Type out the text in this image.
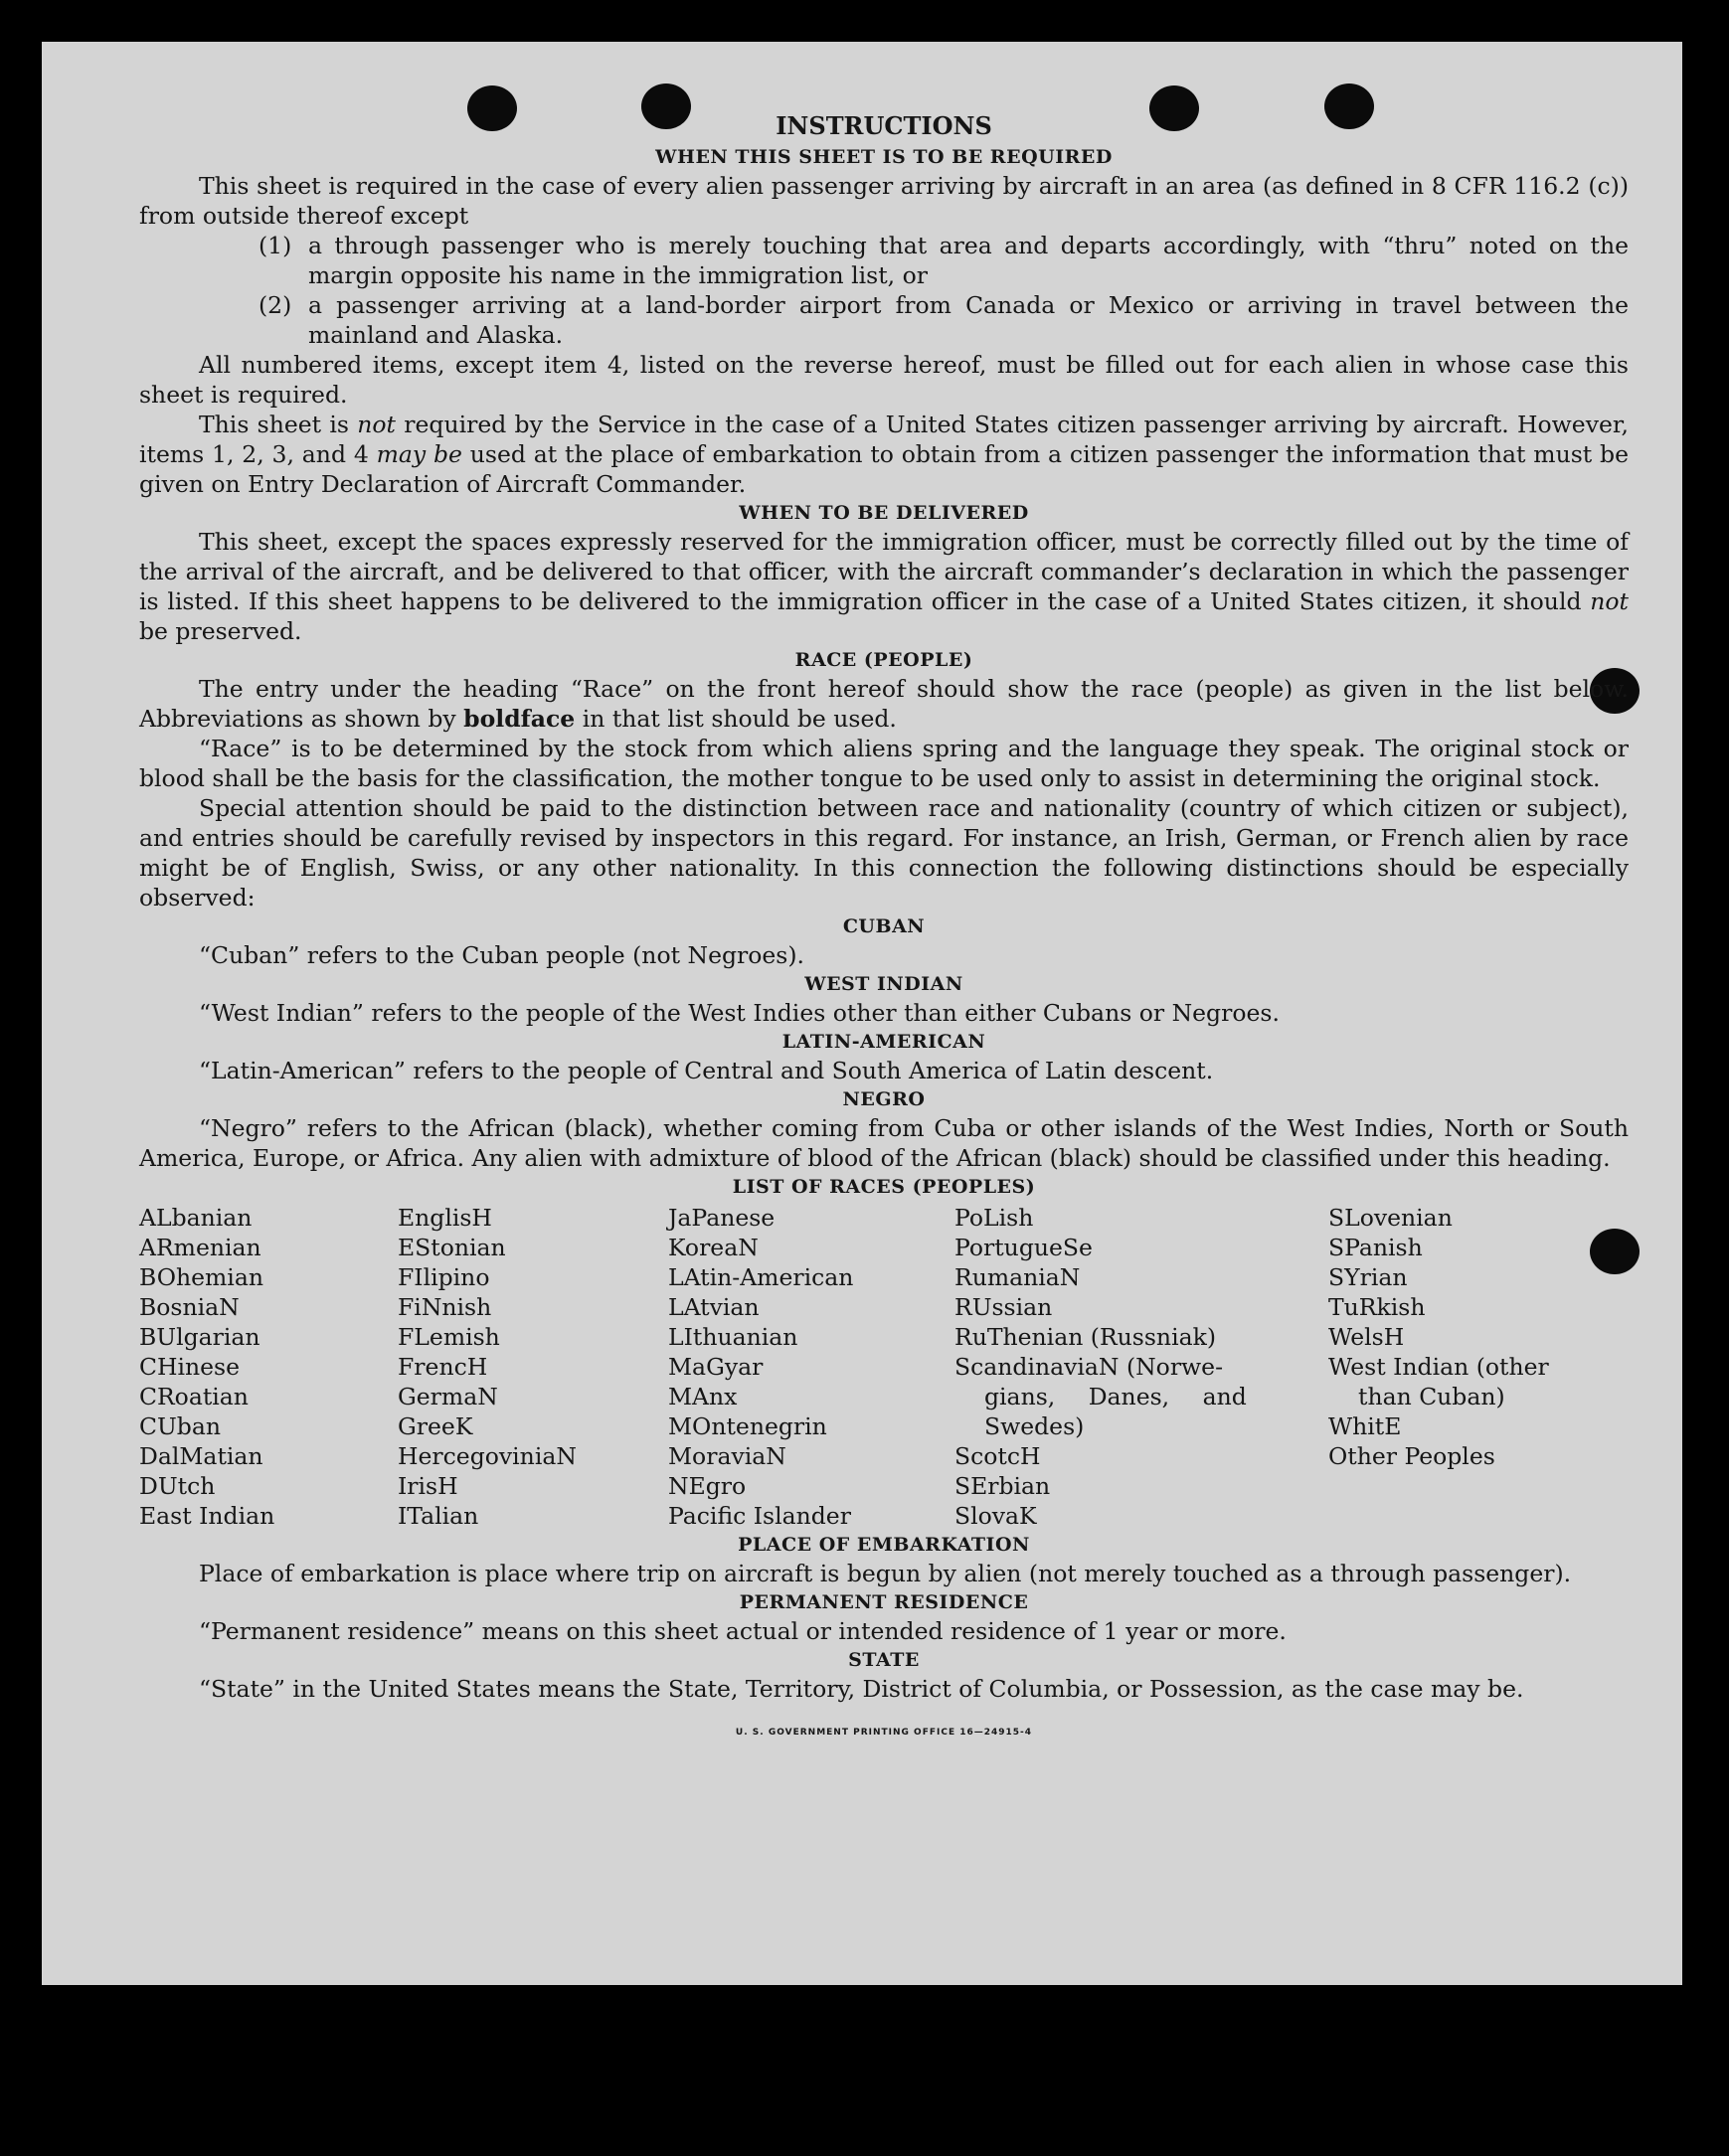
INSTRUCTIONS
WHEN THIS SHEET IS TO BE REQUIRED

This sheet is required in the case of every alien passenger arriving by aircraft in an area (as defined in 8 CFR 116.2 (c)) from outside thereof except

(1) a through passenger who is merely touching that area and departs accordingly, with “thru” noted on the margin opposite his name in the immigration list, or
(2) a passenger arriving at a land-border airport from Canada or Mexico or arriving in travel between the mainland and Alaska.

All numbered items, except item 4, listed on the reverse hereof, must be filled out for each alien in whose case this sheet is required.

This sheet is not required by the Service in the case of a United States citizen passenger arriving by aircraft. However, items 1, 2, 3, and 4 may be used at the place of embarkation to obtain from a citizen passenger the information that must be given on Entry Declaration of Aircraft Commander.

WHEN TO BE DELIVERED

This sheet, except the spaces expressly reserved for the immigration officer, must be correctly filled out by the time of the arrival of the aircraft, and be delivered to that officer, with the aircraft commander’s declaration in which the passenger is listed. If this sheet happens to be delivered to the immigration officer in the case of a United States citizen, it should not be preserved.

RACE (PEOPLE)

The entry under the heading “Race” on the front hereof should show the race (people) as given in the list below. Abbreviations as shown by boldface in that list should be used.

“Race” is to be determined by the stock from which aliens spring and the language they speak. The original stock or blood shall be the basis for the classification, the mother tongue to be used only to assist in determining the original stock.

Special attention should be paid to the distinction between race and nationality (country of which citizen or subject), and entries should be carefully revised by inspectors in this regard. For instance, an Irish, German, or French alien by race might be of English, Swiss, or any other nationality. In this connection the following distinctions should be especially observed:

CUBAN

“Cuban” refers to the Cuban people (not Negroes).

WEST INDIAN

“West Indian” refers to the people of the West Indies other than either Cubans or Negroes.

LATIN-AMERICAN

“Latin-American” refers to the people of Central and South America of Latin descent.

NEGRO

“Negro” refers to the African (black), whether coming from Cuba or other islands of the West Indies, North or South America, Europe, or Africa. Any alien with admixture of blood of the African (black) should be classified under this heading.

LIST OF RACES (PEOPLES)
ALbanian
ARmenian
BOhemian
BosniaN
BUlgarian
CHinese
CRoatian
CUban
DalMatian
DUtch
East Indian
EnglisH
EStonian
FIlipino
FiNnish
FLemish
FrencH
GermaN
GreeK
HercegoviniaN
IrisH
ITalian
JaPanese
KoreaN
LAtin-American
LAtvian
LIthuanian
MaGyar
MAnx
MOntenegrin
MoraviaN
NEgro
Pacific Islander
PoLish
PortugueSe
RumaniaN
RUssian
RuThenian (Russniak)
ScandinaviaN (Norwe-
gians, Danes, and
Swedes)
ScotcH
SErbian
SlovaK
SLovenian
SPanish
SYrian
TuRkish
WelsH
West Indian (other
than Cuban)
WhitE
Other Peoples
PLACE OF EMBARKATION

Place of embarkation is place where trip on aircraft is begun by alien (not merely touched as a through passenger).

PERMANENT RESIDENCE

“Permanent residence” means on this sheet actual or intended residence of 1 year or more.

STATE

“State” in the United States means the State, Territory, District of Columbia, or Possession, as the case may be.

U. S. GOVERNMENT PRINTING OFFICE 16—24915‑4
